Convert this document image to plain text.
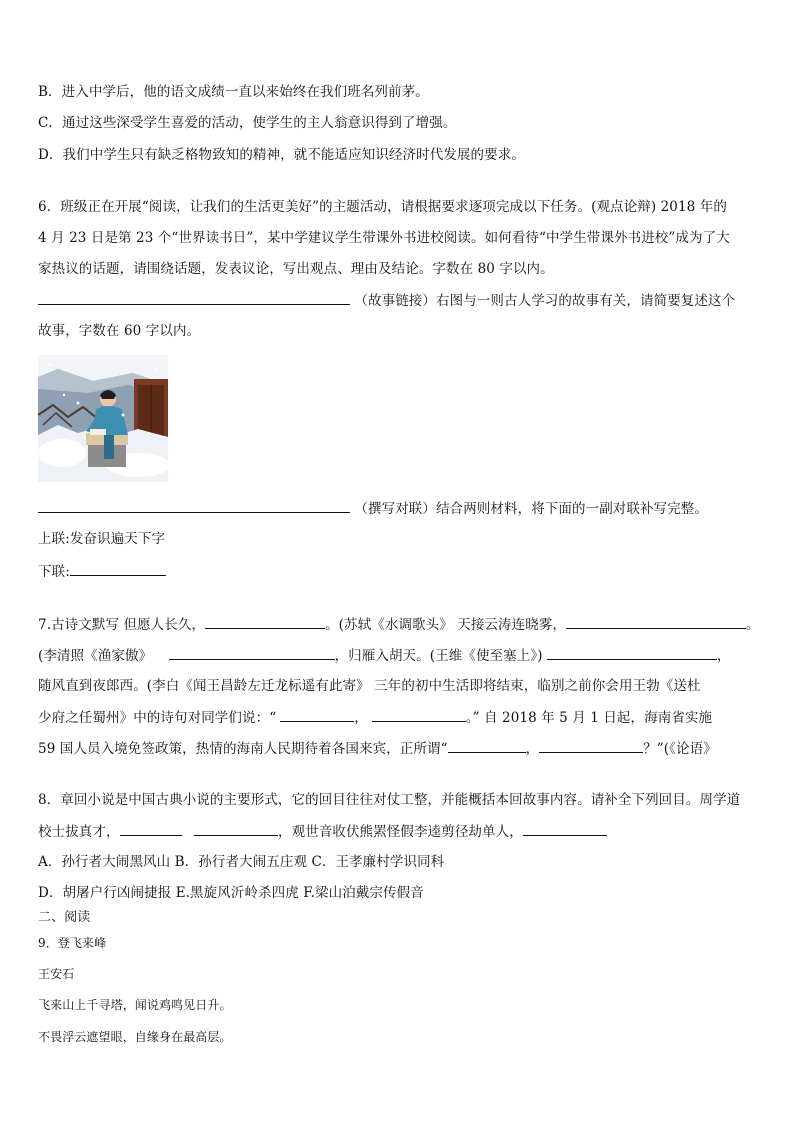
B．进入中学后，他的语文成绩一直以来始终在我们班名列前茅。
C．通过这些深受学生喜爱的活动，使学生的主人翁意识得到了增强。
D．我们中学生只有缺乏格物致知的精神，就不能适应知识经济时代发展的要求。
6．班级正在开展“阅读，让我们的生活更美好”的主题活动，请根据要求逐项完成以下任务。(观点论辩) 2018 年的
4 月 23 日是第 23 个“世界读书日”，某中学建议学生带课外书进校阅读。如何看待“中学生带课外书进校”成为了大
家热议的话题，请围绕话题，发表议论，写出观点、理由及结论。字数在 80 字以内。
（故事链接）右图与一则古人学习的故事有关，请简要复述这个
故事，字数在 60 字以内。
（撰写对联）结合两则材料，将下面的一副对联补写完整。
上联:发奋识遍天下字
下联:
7.古诗文默写 但愿人长久，	。(苏轼《水调歌头》 天接云涛连晓雾，	。
(李清照《渔家傲》	，归雁入胡天。(王维《使至塞上》)	，
随风直到夜郎西。(李白《闻王昌龄左迁龙标遥有此寄》 三年的初中生活即将结束，临别之前你会用王勃《送杜
少府之任蜀州》中的诗句对同学们说：“	，	。” 自 2018 年 5 月 1 日起，海南省实施
59 国人员入境免签政策，热情的海南人民期待着各国来宾，正所谓“	，	？”(《论语》
8．章回小说是中国古典小说的主要形式，它的回目往往对仗工整，并能概括本回故事内容。请补全下列回目。周学道
校士拔真才，	，观世音收伏熊罴怪假李逵剪径劫单人，
A．孙行者大闹黑风山 B．孙行者大闹五庄观 C．王孝廉村学识同科
D．胡屠户行凶闹捷报 E.黑旋风沂岭杀四虎 F.梁山泊戴宗传假音
二、阅读
9．登飞来峰
王安石
飞来山上千寻塔，闻说鸡鸣见日升。
不畏浮云遮望眼，自缘身在最高层。
